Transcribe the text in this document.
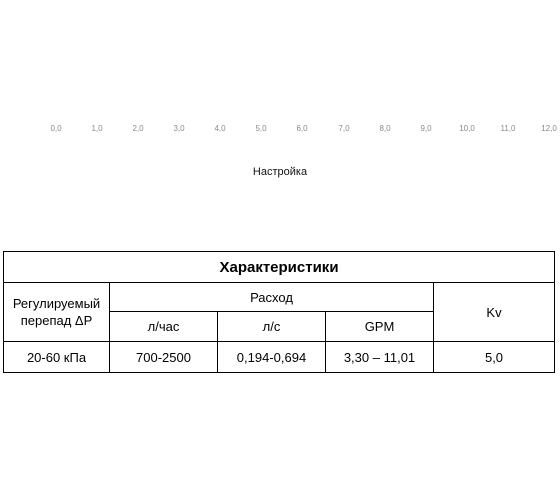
0,0	1,0	2,0	3,0	4,0	5,0	6,0	7,0	8,0	9,0	10,0	11,0	12,0
Настройка
Характеристики				
Регулируемый перепад ΔP	Расход			Kv
	л/час	л/с	GPM	
20-60 кПа	700-2500	0,194-0,694	3,30 – 11,01	5,0
